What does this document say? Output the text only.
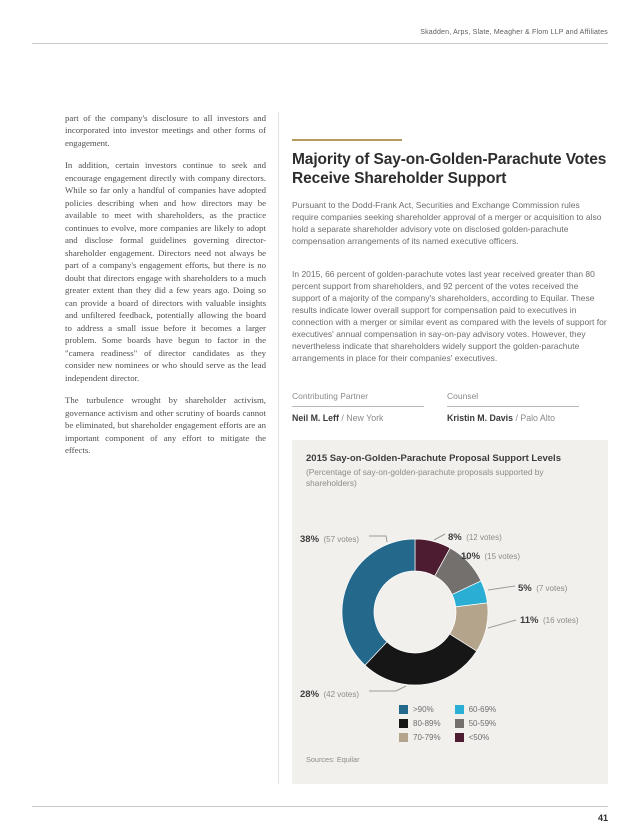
Skadden, Arps, Slate, Meagher & Flom LLP and Affiliates

part of the company's disclosure to all investors and incorporated into investor meetings and other forms of engagement.

In addition, certain investors continue to seek and encourage engagement directly with company directors. While so far only a handful of companies have adopted policies describing when and how directors may be available to meet with shareholders, as the practice continues to evolve, more companies are likely to adopt and disclose formal guidelines governing director-shareholder engagement. Directors need not always be part of a company's engagement efforts, but there is no doubt that directors engage with shareholders to a much greater extent than they did a few years ago. Doing so can provide a board of directors with valuable insights and unfiltered feedback, potentially allowing the board to address a small issue before it becomes a larger problem. Some boards have begun to factor in the "camera readiness" of director candidates as they consider new nominees or who should serve as the lead independent director.

The turbulence wrought by shareholder activism, governance activism and other scrutiny of boards cannot be eliminated, but shareholder engagement efforts are an important component of any effort to mitigate the effects.

Majority of Say-on-Golden-Parachute Votes Receive Shareholder Support

Pursuant to the Dodd-Frank Act, Securities and Exchange Commission rules require companies seeking shareholder approval of a merger or acquisition to also hold a separate shareholder advisory vote on disclosed golden-parachute compensation arrangements of its named executive officers.

In 2015, 66 percent of golden-parachute votes last year received greater than 80 percent support from shareholders, and 92 percent of the votes received the support of a majority of the company's shareholders, according to Equilar. These results indicate lower overall support for compensation paid to executives in connection with a merger or similar event as compared with the levels of support for executives' annual compensation in say-on-pay advisory votes. However, they nevertheless indicate that shareholders widely support the golden-parachute arrangements in place for their companies' executives.

Contributing Partner
Neil M. Leff / New York
Counsel
Kristin M. Davis / Palo Alto
2015 Say-on-Golden-Parachute Proposal Support Levels
(Percentage of say-on-golden-parachute proposals supported by shareholders)
38% (57 votes)	8% (12 votes)
10% (15 votes)
5% (7 votes)
11% (16 votes)
28% (42 votes)
>90%
80-89%
70-79%
60-69%
50-59%
<50%
Sources: Equilar
41
